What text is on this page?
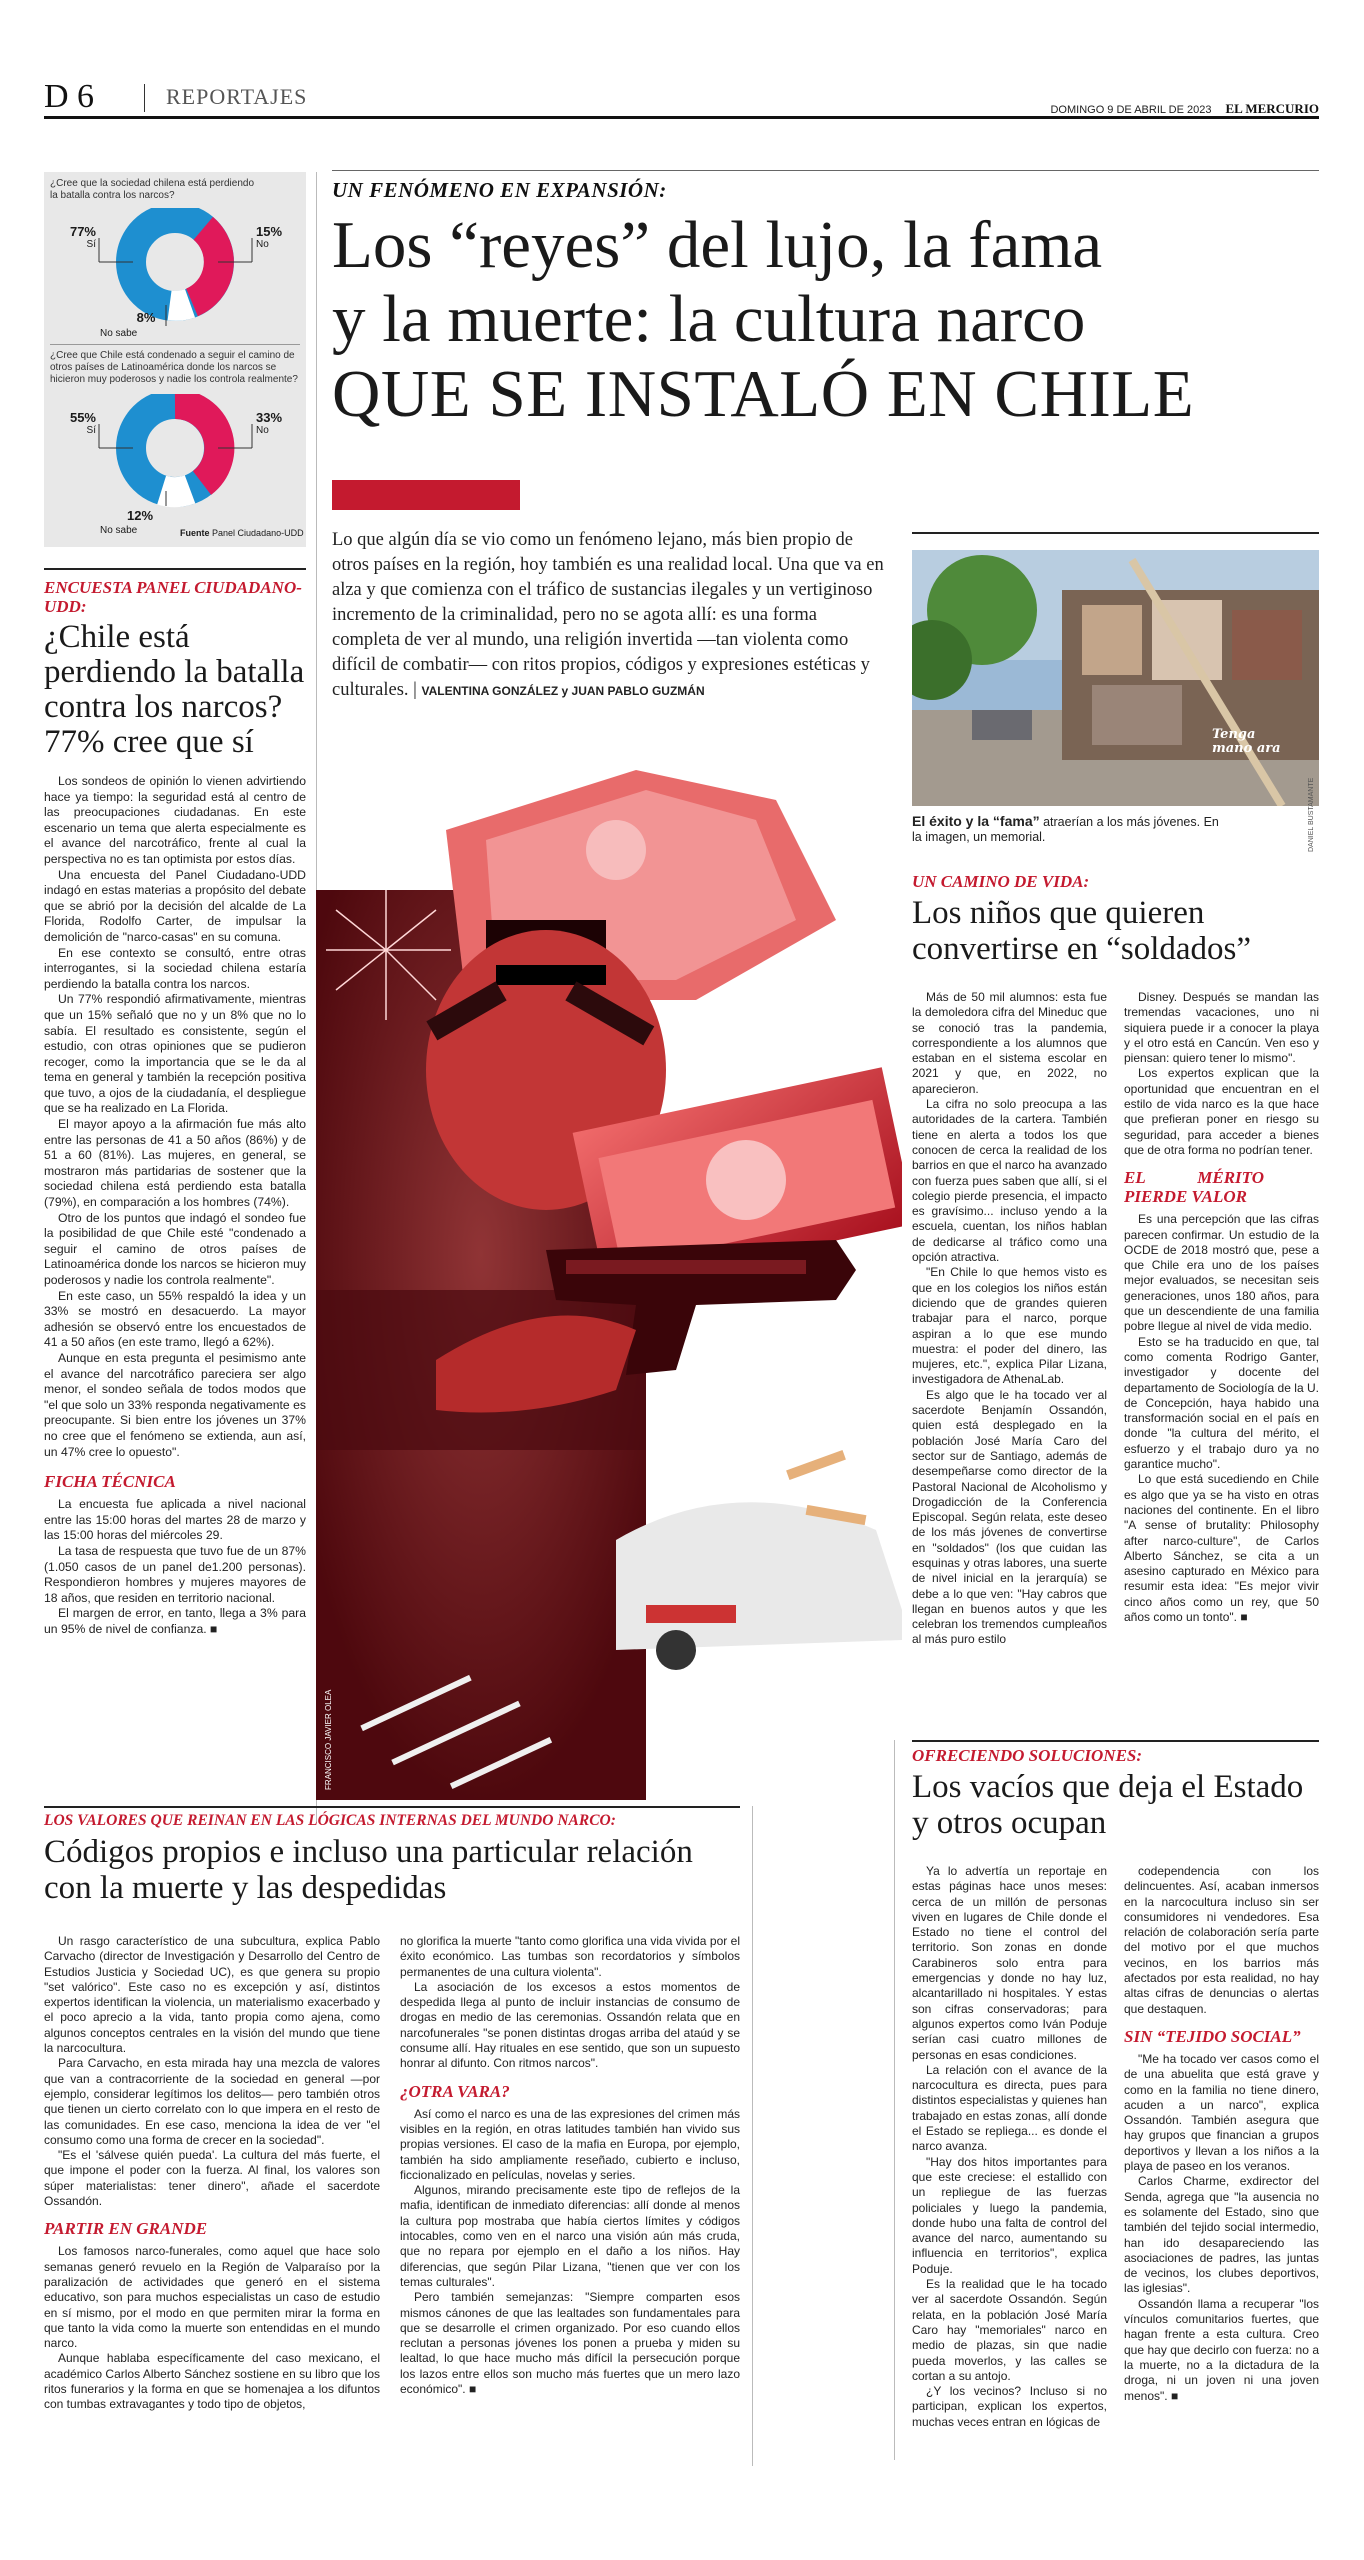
D 6	REPORTAJES
DOMINGO 9 DE ABRIL DE 2023 EL MERCURIO
¿Cree que la sociedad chilena está perdiendo la batalla contra los narcos?
77%
Sí
15%
No
8%
No sabe
¿Cree que Chile está condenado a seguir el camino de otros países de Latinoamérica donde los narcos se hicieron muy poderosos y nadie los controla realmente?
55%
Sí
33%
No
12%
No sabe	Fuente Panel Ciudadano-UDD
ENCUESTA PANEL CIUDADANO-UDD:
¿Chile está perdiendo la batalla contra los narcos? 77% cree que sí

Los sondeos de opinión lo vienen advirtiendo hace ya tiempo: la seguridad está al centro de las preocupaciones ciudadanas. En este escenario un tema que alerta especialmente es el avance del narcotráfico, frente al cual la perspectiva no es tan optimista por estos días.

Una encuesta del Panel Ciudadano-UDD indagó en estas materias a propósito del debate que se abrió por la decisión del alcalde de La Florida, Rodolfo Carter, de impulsar la demolición de "narco-casas" en su comuna.

En ese contexto se consultó, entre otras interrogantes, si la sociedad chilena estaría perdiendo la batalla contra los narcos.

Un 77% respondió afirmativamente, mientras que un 15% señaló que no y un 8% que no lo sabía. El resultado es consistente, según el estudio, con otras opiniones que se pudieron recoger, como la importancia que se le da al tema en general y también la recepción positiva que tuvo, a ojos de la ciudadanía, el despliegue que se ha realizado en La Florida.

El mayor apoyo a la afirmación fue más alto entre las personas de 41 a 50 años (86%) y de 51 a 60 (81%). Las mujeres, en general, se mostraron más partidarias de sostener que la sociedad chilena está perdiendo esta batalla (79%), en comparación a los hombres (74%).

Otro de los puntos que indagó el sondeo fue la posibilidad de que Chile esté "condenado a seguir el camino de otros países de Latinoamérica donde los narcos se hicieron muy poderosos y nadie los controla realmente".

En este caso, un 55% respaldó la idea y un 33% se mostró en desacuerdo. La mayor adhesión se observó entre los encuestados de 41 a 50 años (en este tramo, llegó a 62%).

Aunque en esta pregunta el pesimismo ante el avance del narcotráfico pareciera ser algo menor, el sondeo señala de todos modos que "el que solo un 33% responda negativamente es preocupante. Si bien entre los jóvenes un 37% no cree que el fenómeno se extienda, aun así, un 47% cree lo opuesto".

FICHA TÉCNICA

La encuesta fue aplicada a nivel nacional entre las 15:00 horas del martes 28 de marzo y las 15:00 horas del miércoles 29.

La tasa de respuesta que tuvo fue de un 87% (1.050 casos de un panel de1.200 personas). Respondieron hombres y mujeres mayores de 18 años, que residen en territorio nacional.

El margen de error, en tanto, llega a 3% para un 95% de nivel de confianza. ■

UN FENÓMENO EN EXPANSIÓN:
Los “reyes” del lujo, la fama
y la muerte: la cultura narco
QUE SE INSTALÓ EN CHILE
Lo que algún día se vio como un fenómeno lejano, más bien propio de otros países en la región, hoy también es una realidad local. Una que va en alza y que comienza con el tráfico de sustancias ilegales y un vertiginoso incremento de la criminalidad, pero no se agota allí: es una forma completa de ver al mundo, una religión invertida —tan violenta como difícil de combatir— con ritos propios, códigos y expresiones estéticas y culturales. | VALENTINA GONZÁLEZ y JUAN PABLO GUZMÁN
FRANCISCO JAVIER OLEA
Tenga mano ara
El éxito y la “fama” atraerían a los más jóvenes. En la imagen, un memorial.	DANIEL BUSTAMANTE
UN CAMINO DE VIDA:
Los niños que quieren convertirse en “soldados”

Más de 50 mil alumnos: esta fue la demoledora cifra del Mineduc que se conoció tras la pandemia, correspondiente a los alumnos que estaban en el sistema escolar en 2021 y que, en 2022, no aparecieron.

La cifra no solo preocupa a las autoridades de la cartera. También tiene en alerta a todos los que conocen de cerca la realidad de los barrios en que el narco ha avanzado con fuerza pues saben que allí, si el colegio pierde presencia, el impacto es gravísimo... incluso yendo a la escuela, cuentan, los niños hablan de dedicarse al tráfico como una opción atractiva.

"En Chile lo que hemos visto es que en los colegios los niños están diciendo que de grandes quieren trabajar para el narco, porque aspiran a lo que ese mundo muestra: el poder del dinero, las mujeres, etc.", explica Pilar Lizana, investigadora de AthenaLab.

Es algo que le ha tocado ver al sacerdote Benjamín Ossandón, quien está desplegado en la población José María Caro del sector sur de Santiago, además de desempeñarse como director de la Pastoral Nacional de Alcoholismo y Drogadicción de la Conferencia Episcopal. Según relata, este deseo de los más jóvenes de convertirse en "soldados" (los que cuidan las esquinas y otras labores, una suerte de nivel inicial en la jerarquía) se debe a lo que ven: "Hay cabros que llegan en buenos autos y que les celebran los tremendos cumpleaños al más puro estilo

Disney. Después se mandan las tremendas vacaciones, uno ni siquiera puede ir a conocer la playa y el otro está en Cancún. Ven eso y piensan: quiero tener lo mismo".

Los expertos explican que la oportunidad que encuentran en el estilo de vida narco es la que hace que prefieran poner en riesgo su seguridad, para acceder a bienes que de otra forma no podrían tener.

EL MÉRITO PIERDE VALOR

Es una percepción que las cifras parecen confirmar. Un estudio de la OCDE de 2018 mostró que, pese a que Chile era uno de los países mejor evaluados, se necesitan seis generaciones, unos 180 años, para que un descendiente de una familia pobre llegue al nivel de vida medio.

Esto se ha traducido en que, tal como comenta Rodrigo Ganter, investigador y docente del departamento de Sociología de la U. de Concepción, haya habido una transformación social en el país en donde "la cultura del mérito, el esfuerzo y el trabajo duro ya no garantice mucho".

Lo que está sucediendo en Chile es algo que ya se ha visto en otras naciones del continente. En el libro "A sense of brutality: Philosophy after narco-culture", de Carlos Alberto Sánchez, se cita a un asesino capturado en México para resumir esta idea: "Es mejor vivir cinco años como un rey, que 50 años como un tonto". ■

OFRECIENDO SOLUCIONES:
Los vacíos que deja el Estado y otros ocupan

Ya lo advertía un reportaje en estas páginas hace unos meses: cerca de un millón de personas viven en lugares de Chile donde el Estado no tiene el control del territorio. Son zonas en donde Carabineros solo entra para emergencias y donde no hay luz, alcantarillado ni hospitales. Y estas son cifras conservadoras; para algunos expertos como Iván Poduje serían casi cuatro millones de personas en esas condiciones.

La relación con el avance de la narcocultura es directa, pues para distintos especialistas y quienes han trabajado en estas zonas, allí donde el Estado se repliega... es donde el narco avanza.

"Hay dos hitos importantes para que este creciese: el estallido con un repliegue de las fuerzas policiales y luego la pandemia, donde hubo una falta de control del avance del narco, aumentando su influencia en territorios", explica Poduje.

Es la realidad que le ha tocado ver al sacerdote Ossandón. Según relata, en la población José María Caro hay "memoriales" narco en medio de plazas, sin que nadie pueda moverlos, y las calles se cortan a su antojo.

¿Y los vecinos? Incluso si no participan, explican los expertos, muchas veces entran en lógicas de

codependencia con los delincuentes. Así, acaban inmersos en la narcocultura incluso sin ser consumidores ni vendedores. Esa relación de colaboración sería parte del motivo por el que muchos vecinos, en los barrios más afectados por esta realidad, no hay altas cifras de denuncias o alertas que destaquen.

SIN “TEJIDO SOCIAL”

"Me ha tocado ver casos como el de una abuelita que está grave y como en la familia no tiene dinero, acuden a un narco", explica Ossandón. También asegura que hay grupos que financian a grupos deportivos y llevan a los niños a la playa de paseo en los veranos.

Carlos Charme, exdirector del Senda, agrega que "la ausencia no es solamente del Estado, sino que también del tejido social intermedio, han ido desapareciendo las asociaciones de padres, las juntas de vecinos, los clubes deportivos, las iglesias".

Ossandón llama a recuperar "los vínculos comunitarios fuertes, que hagan frente a esta cultura. Creo que hay que decirlo con fuerza: no a la muerte, no a la dictadura de la droga, ni un joven ni una joven menos". ■

LOS VALORES QUE REINAN EN LAS LÓGICAS INTERNAS DEL MUNDO NARCO:
Códigos propios e incluso una particular relación con la muerte y las despedidas

Un rasgo característico de una subcultura, explica Pablo Carvacho (director de Investigación y Desarrollo del Centro de Estudios Justicia y Sociedad UC), es que genera su propio "set valórico". Este caso no es excepción y así, distintos expertos identifican la violencia, un materialismo exacerbado y el poco aprecio a la vida, tanto propia como ajena, como algunos conceptos centrales en la visión del mundo que tiene la narcocultura.

Para Carvacho, en esta mirada hay una mezcla de valores que van a contracorriente de la sociedad en general —por ejemplo, considerar legítimos los delitos— pero también otros que tienen un cierto correlato con lo que impera en el resto de las comunidades. En ese caso, menciona la idea de ver "el consumo como una forma de crecer en la sociedad".

"Es el 'sálvese quién pueda'. La cultura del más fuerte, el que impone el poder con la fuerza. Al final, los valores son súper materialistas: tener dinero", añade el sacerdote Ossandón.

PARTIR EN GRANDE

Los famosos narco-funerales, como aquel que hace solo semanas generó revuelo en la Región de Valparaíso por la paralización de actividades que generó en el sistema educativo, son para muchos especialistas un caso de estudio en sí mismo, por el modo en que permiten mirar la forma en que tanto la vida como la muerte son entendidas en el mundo narco.

Aunque hablaba específicamente del caso mexicano, el académico Carlos Alberto Sánchez sostiene en su libro que los ritos funerarios y la forma en que se homenajea a los difuntos con tumbas extravagantes y todo tipo de objetos,

no glorifica la muerte "tanto como glorifica una vida vivida por el éxito económico. Las tumbas son recordatorios y símbolos permanentes de una cultura violenta".

La asociación de los excesos a estos momentos de despedida llega al punto de incluir instancias de consumo de drogas en medio de las ceremonias. Ossandón relata que en narcofunerales "se ponen distintas drogas arriba del ataúd y se consume allí. Hay rituales en ese sentido, que son un supuesto honrar al difunto. Con ritmos narcos".

¿OTRA VARA?

Así como el narco es una de las expresiones del crimen más visibles en la región, en otras latitudes también han vivido sus propias versiones. El caso de la mafia en Europa, por ejemplo, también ha sido ampliamente reseñado, cubierto e incluso, ficcionalizado en películas, novelas y series.

Algunos, mirando precisamente este tipo de reflejos de la mafia, identifican de inmediato diferencias: allí donde al menos la cultura pop mostraba que había ciertos límites y códigos intocables, como ven en el narco una visión aún más cruda, que no repara por ejemplo en el daño a los niños. Hay diferencias, que según Pilar Lizana, "tienen que ver con los temas culturales".

Pero también semejanzas: "Siempre comparten esos mismos cánones de que las lealtades son fundamentales para que se desarrolle el crimen organizado. Por eso cuando ellos reclutan a personas jóvenes los ponen a prueba y miden su lealtad, lo que hace mucho más difícil la persecución porque los lazos entre ellos son mucho más fuertes que un mero lazo económico". ■
